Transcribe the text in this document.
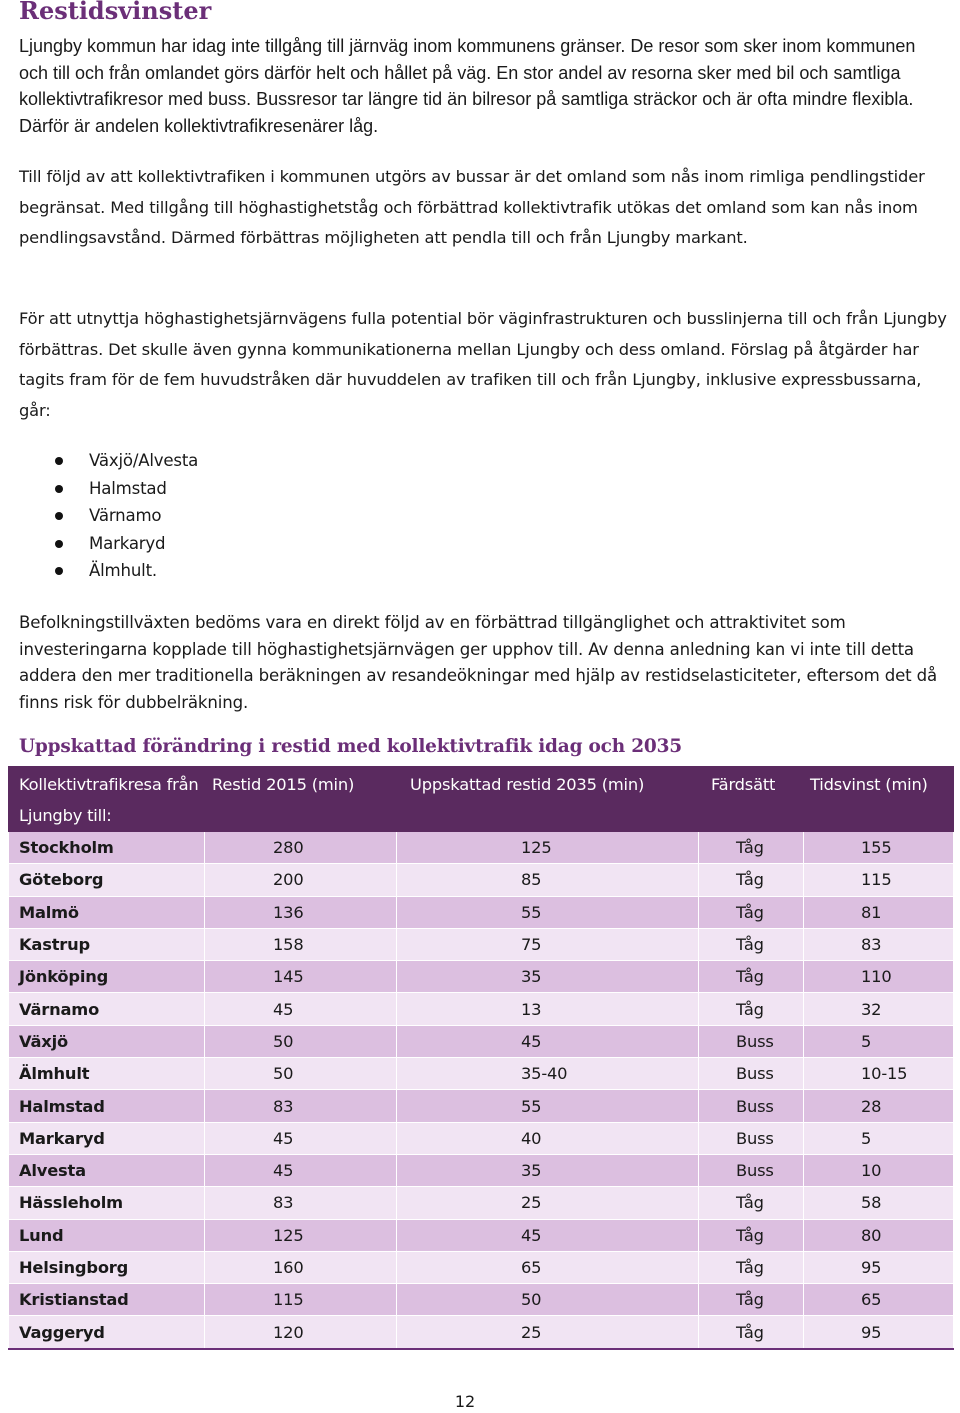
Restidsvinster

Ljungby kommun har idag inte tillgång till järnväg inom kommunens gränser. De resor som sker inom kommunen och till och från omlandet görs därför helt och hållet på väg. En stor andel av resorna sker med bil och samtliga kollektivtrafikresor med buss. Bussresor tar längre tid än bilresor på samtliga sträckor och är ofta mindre flexibla. Därför är andelen kollektivtrafikresenärer låg.

Till följd av att kollektivtrafiken i kommunen utgörs av bussar är det omland som nås inom rimliga pendlingstider begränsat. Med tillgång till höghastighetståg och förbättrad kollektivtrafik utökas det omland som kan nås inom pendlingsavstånd. Därmed förbättras möjligheten att pendla till och från Ljungby markant.

För att utnyttja höghastighetsjärnvägens fulla potential bör väginfrastrukturen och busslinjerna till och från Ljungby förbättras. Det skulle även gynna kommunikationerna mellan Ljungby och dess omland. Förslag på åtgärder har tagits fram för de fem huvudstråken där huvuddelen av trafiken till och från Ljungby, inklusive expressbussarna, går:

Växjö/Alvesta
Halmstad
Värnamo
Markaryd
Älmhult.

Befolkningstillväxten bedöms vara en direkt följd av en förbättrad tillgänglighet och attraktivitet som investeringarna kopplade till höghastighetsjärnvägen ger upphov till. Av denna anledning kan vi inte till detta addera den mer traditionella beräkningen av resandeökningar med hjälp av restidselasticiteter, eftersom det då finns risk för dubbelräkning.

Uppskattad förändring i restid med kollektivtrafik idag och 2035
Kollektivtrafikresa från Ljungby till:	Restid 2015 (min)	Uppskattad restid 2035 (min)	Färdsätt	Tidsvinst (min)
Stockholm	280	125	Tåg	155
Göteborg	200	85	Tåg	115
Malmö	136	55	Tåg	81
Kastrup	158	75	Tåg	83
Jönköping	145	35	Tåg	110
Värnamo	45	13	Tåg	32
Växjö	50	45	Buss	5
Älmhult	50	35-40	Buss	10-15
Halmstad	83	55	Buss	28
Markaryd	45	40	Buss	5
Alvesta	45	35	Buss	10
Hässleholm	83	25	Tåg	58
Lund	125	45	Tåg	80
Helsingborg	160	65	Tåg	95
Kristianstad	115	50	Tåg	65
Vaggeryd	120	25	Tåg	95
12
